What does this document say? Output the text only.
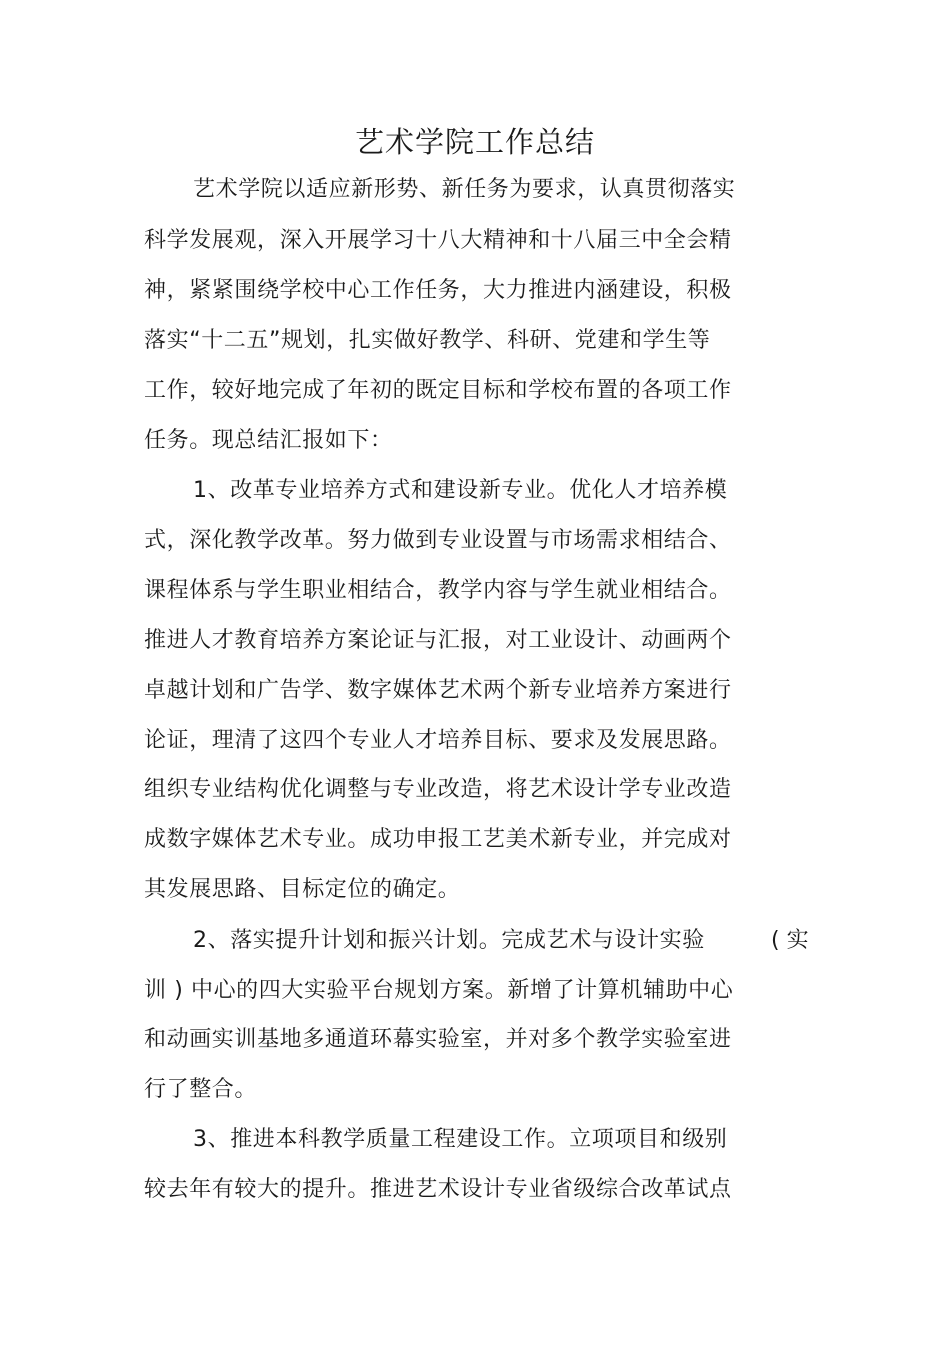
艺术学院工作总结
艺术学院以适应新形势、新任务为要求，认真贯彻落实
科学发展观，深入开展学习十八大精神和十八届三中全会精
神，紧紧围绕学校中心工作任务，大力推进内涵建设，积极
落实“十二五”规划，扎实做好教学、科研、党建和学生等
工作，较好地完成了年初的既定目标和学校布置的各项工作
任务。现总结汇报如下：
1、改革专业培养方式和建设新专业。优化人才培养模
式，深化教学改革。努力做到专业设置与市场需求相结合、
课程体系与学生职业相结合，教学内容与学生就业相结合。
推进人才教育培养方案论证与汇报，对工业设计、动画两个
卓越计划和广告学、数字媒体艺术两个新专业培养方案进行
论证，理清了这四个专业人才培养目标、要求及发展思路。
组织专业结构优化调整与专业改造，将艺术设计学专业改造
成数字媒体艺术专业。成功申报工艺美术新专业，并完成对
其发展思路、目标定位的确定。
2、落实提升计划和振兴计划。完成艺术与设计实验	( 实
训 ) 中心的四大实验平台规划方案。新增了计算机辅助中心
和动画实训基地多通道环幕实验室，并对多个教学实验室进
行了整合。
3、推进本科教学质量工程建设工作。立项项目和级别
较去年有较大的提升。推进艺术设计专业省级综合改革试点
